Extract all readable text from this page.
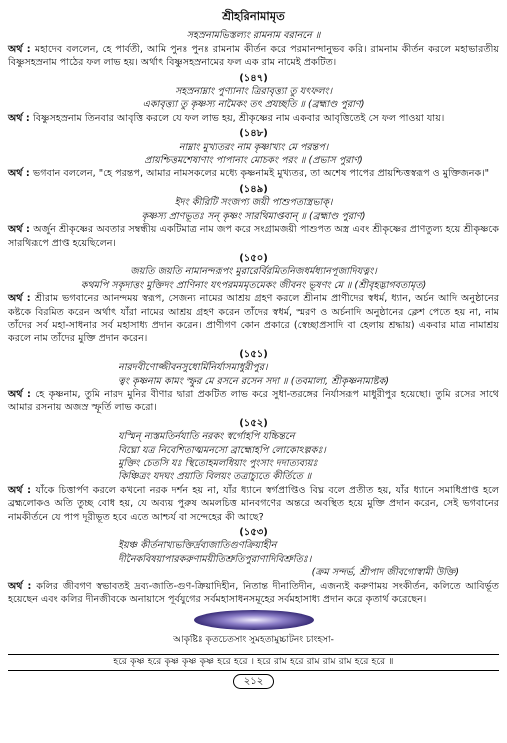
শ্রীহরিনামামৃত
সহস্রনামভিস্তল্যং রামনাম বরাননে ॥
অর্থ : মহাদেব বললেন, হে পার্বতী, আমি পুনঃ পুনঃ রামনাম কীর্তন করে পরমানন্দানুভব করি। রামনাম কীর্তন করলে মহাভারতীয় বিষ্ণুসহস্রনাম পাঠের ফল লাভ হয়। অর্থাৎ বিষ্ণুসহস্রনামের ফল এক রাম নামেই প্রকটিত।
(১৪৭)
সহস্রনাম্নাং পুণ্যানাং ত্রিরাবৃত্ত্যা তু যৎফলং।
একাবৃত্ত্যা তু কৃষ্ণস্য নামৈকং তৎ প্রযচ্ছতি ॥ (ব্রহ্মাণ্ড পুরাণ)
অর্থ : বিষ্ণুসহস্রনাম তিনবার আবৃত্তি করলে যে ফল লাভ হয়, শ্রীকৃষ্ণের নাম একবার আবৃত্তিতেই সে ফল পাওয়া যায়।
(১৪৮)
নাম্নাং মুখ্যতরং নাম কৃষ্ণাখ্যং মে পরন্তপ।
প্রায়শ্চিত্তমশেষাণাং পাপানাং মোচকং পরং ॥ (প্রভাস পুরাণ)
অর্থ : ভগবান বললেন, "হে পরন্তপ, আমার নামসকলের মধ্যে কৃষ্ণনামই মুখ্যতর, তা অশেষ পাপের প্রায়শ্চিত্তস্বরূপ ও মুক্তিজনক।"
(১৪৯)
ইদং কীরিটি সংজপ্য জয়ী পাশুপতাস্ত্রভাক্।
কৃষ্ণস্য প্রাণভূতঃ সন্ কৃষ্ণং সারথিমাপ্তবান্ ॥ (ব্রহ্মাণ্ড পুরাণ)
অর্থ : অর্জুন শ্রীকৃষ্ণের অবতার সম্বন্ধীয় একটিমাত্র নাম জপ করে সংগ্রামজয়ী পাশুপত অস্ত্র এবং শ্রীকৃষ্ণের প্রাণতুল্য হয়ে শ্রীকৃষ্ণকে সারথিরূপে প্রাপ্ত হয়েছিলেন।
(১৫০)
জয়তি জয়তি নামানন্দরূপং মুরারের্বিরমিতনিজধর্মধ্যানপূজাদিযত্নং।
কথমপি সকৃদাত্তং মুক্তিদং প্রাণিনাং যৎপরমমমৃতমেকং জীবনং ভূষণং মে ॥ (শ্রীবৃহদ্ভাগবতামৃত)
অর্থ : শ্রীরাম ভগবানের আনন্দময় স্বরূপ, সেজন্য নামের আশ্রয় গ্রহণ করলে শ্রীনাম প্রাণীদের স্বধর্ম, ধ্যান, অর্চন আদি অনুষ্ঠানের কষ্টকে বিরমিত করেন অর্থাৎ যাঁরা নামের আশ্রয় গ্রহণ করেন তাঁদের স্বধর্ম, স্মরণ ও অর্চনাদি অনুষ্ঠানের ক্লেশ পেতে হয় না, নাম তাঁদের সর্ব মহা-সাধনার সর্ব মহাসাধ্য প্রদান করেন। প্রাণীগণ কোন প্রকারে (স্বেচ্ছাপ্রসাদি বা হেলায় শ্রদ্ধায়) একবার মাত্র নামাশ্রয় করলে নাম তাঁদের মুক্তি প্রদান করেন।
(১৫১)
নারদবীণোজ্জীবনসুধোর্মিনির্যাসমাধুরীপুর।
ত্বং কৃষ্ণনাম কামং স্ফুর মে রসনে রসেন সদা ॥ (তবমালা, শ্রীকৃষ্ণনামাষ্টক)
অর্থ : হে কৃষ্ণনাম, তুমি নারদ মুনির বীণার দ্বারা প্রকটিত লাভ করে সুধা-তরঙ্গের নির্যাসরূপ মাধুরীপুর হয়েছো। তুমি রসের সাথে আমার রসনায় অজস্র স্ফূর্তি লাভ করো।
(১৫২)
যস্মিন্ ন্যস্তমতির্নযাতি নরকং স্বর্গোহপি যচ্চিন্তনে
বিঘ্নো যত্র নিবেশিতাত্মমনসো ব্রাহ্মোহপি লোকোঽল্পকঃ।
মুক্তিং চেতসি যঃ স্থিতোহমলধিয়াং পুংসাং দদাত্যব্যয়ঃ
কিঞ্চিত্রং যদঘং প্রয়াতি বিলয়ং তত্রাচ্যুতে কীর্তিতে ॥
অর্থ : যাঁকে চিত্তার্পণ করলে কখনো নরক দর্শন হয় না, যাঁর ধ্যানে স্বর্গপ্রাপ্তিও বিঘ্ন বলে প্রতীত হয়, যাঁর ধ্যানে সমাধিপ্রাপ্ত হলে ব্রহ্মলোকও অতি তুচ্ছ বোধ হয়, যে অব্যয় পুরুষ অমলচিত্ত মানবগণের অন্তরে অবস্থিত হয়ে মুক্তি প্রদান করেন, সেই ভগবানের নামকীর্তনে যে পাপ দূরীভূত হবে এতে আশ্চর্য বা সন্দেহের কী আছে?
(১৫৩)
ইয়ঞ্চ কীর্তনাখ্যভক্তির্দ্রব্যজাতিগুণক্রিয়াহীন
দীনৈকবিষয়াপারকরুণাময়ীতিশ্রুতিপুরাণাদিবিশ্রুতিঃ।
(ক্রম সন্দর্ভ, শ্রীপাদ জীবগোস্বামী উক্তি)
অর্থ : কলির জীবগণ স্বভাবতই দ্রব্য-জাতি-গুণ-ক্রিয়াদিহীন, নিতান্ত দীনাতিদীন, এজন্যই করুণাময় সংকীর্তন, কলিতে আবির্ভূত হয়েছেন এবং কলির দীনজীবকে অনায়াসে পূর্বযুগের সর্বমহাসাধনসমূহের সর্বমহাসাধ্য প্রদান করে কৃতার্থ করেছেন।
আকৃষ্টিঃ কৃতচেতসাং সুমহতামুচ্চাটনং চাংহসা-
হরে কৃষ্ণ হরে কৃষ্ণ কৃষ্ণ কৃষ্ণ হরে হরে । হরে রাম হরে রাম রাম রাম হরে হরে ॥
২১২
